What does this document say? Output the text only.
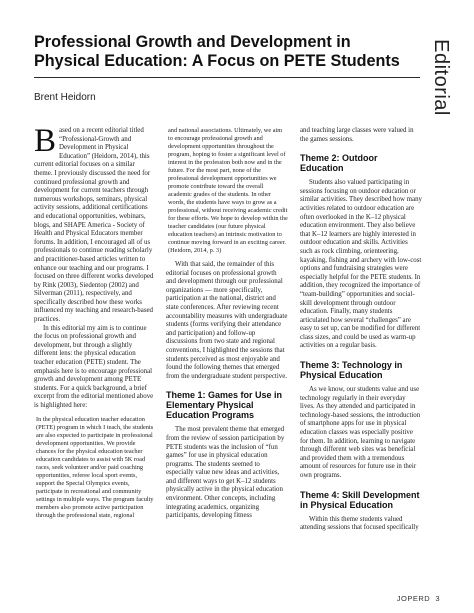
Professional Growth and Development in Physical Education: A Focus on PETE Students
Brent Heidorn	Editorial

Based on a recent editorial titled “Professional-Growth and Development in Physical Education” (Heidorn, 2014), this current editorial focuses on a similar theme. I previously discussed the need for continued professional growth and development for current teachers through numerous workshops, seminars, physical activity sessions, additional certifications and educational opportunities, webinars, blogs, and SHAPE America - Society of Health and Physical Educators member forums. In addition, I encouraged all of us professionals to continue reading scholarly and practitioner-based articles written to enhance our teaching and our programs. I focused on three different works developed by Rink (2003), Siedentop (2002) and Silverman (2011), respectively, and specifically described how these works influenced my teaching and research-based practices.

In this editorial my aim is to continue the focus on professional growth and development, but through a slightly different lens: the physical education teacher education (PETE) student. The emphasis here is to encourage professional growth and development among PETE students. For a quick background, a brief excerpt from the editorial mentioned above is highlighted here:

In the physical education teacher education (PETE) program in which I teach, the students are also expected to participate in professional development opportunities. We provide chances for the physical education teacher education candidates to assist with 5K road races, seek volunteer and/or paid coaching opportunities, referee local sport events, support the Special Olympics events, participate in recreational and community settings in multiple ways. The program faculty members also promote active participation through the professional state, regional

and national associations. Ultimately, we aim to encourage professional growth and development opportunities throughout the program, hoping to foster a significant level of interest in the profession both now and in the future. For the most part, none of the professional development opportunities we promote contribute toward the overall academic grades of the students. In other words, the students have ways to grow as a professional, without receiving academic credit for these efforts. We hope to develop within the teacher candidates (our future physical education teachers) an intrinsic motivation to continue moving forward in an exciting career. (Heidorn, 2014, p. 3)

With that said, the remainder of this editorial focuses on professional growth and development through our professional organizations — more specifically, participation at the national, district and state conferences. After reviewing recent accountability measures with undergraduate students (forms verifying their attendance and participation) and follow-up discussions from two state and regional conventions, I highlighted the sessions that students perceived as most enjoyable and found the following themes that emerged from the undergraduate student perspective.

Theme 1: Games for Use in Elementary Physical Education Programs

The most prevalent theme that emerged from the review of session participation by PETE students was the inclusion of “fun games” for use in physical education programs. The students seemed to especially value new ideas and activities, and different ways to get K–12 students physically active in the physical education environment. Other concepts, including integrating academics, organizing participants, developing fitness

and teaching large classes were valued in the games sessions.

Theme 2: Outdoor Education

Students also valued participating in sessions focusing on outdoor education or similar activities. They described how many activities related to outdoor education are often overlooked in the K–12 physical education environment. They also believe that K–12 learners are highly interested in outdoor education and skills. Activities such as rock climbing, orienteering, kayaking, fishing and archery with low-cost options and fundraising strategies were especially helpful for the PETE students. In addition, they recognized the importance of “team-building” opportunities and social-skill development through outdoor education. Finally, many students articulated how several “challenges” are easy to set up, can be modified for different class sizes, and could be used as warm-up activities on a regular basis.

Theme 3: Technology in Physical Education

As we know, our students value and use technology regularly in their everyday lives. As they attended and participated in technology-based sessions, the introduction of smartphone apps for use in physical education classes was especially positive for them. In addition, learning to navigate through different web sites was beneficial and provided them with a tremendous amount of resources for future use in their own programs.

Theme 4: Skill Development in Physical Education

Within this theme students valued attending sessions that focused specifically

JOPERD 3
